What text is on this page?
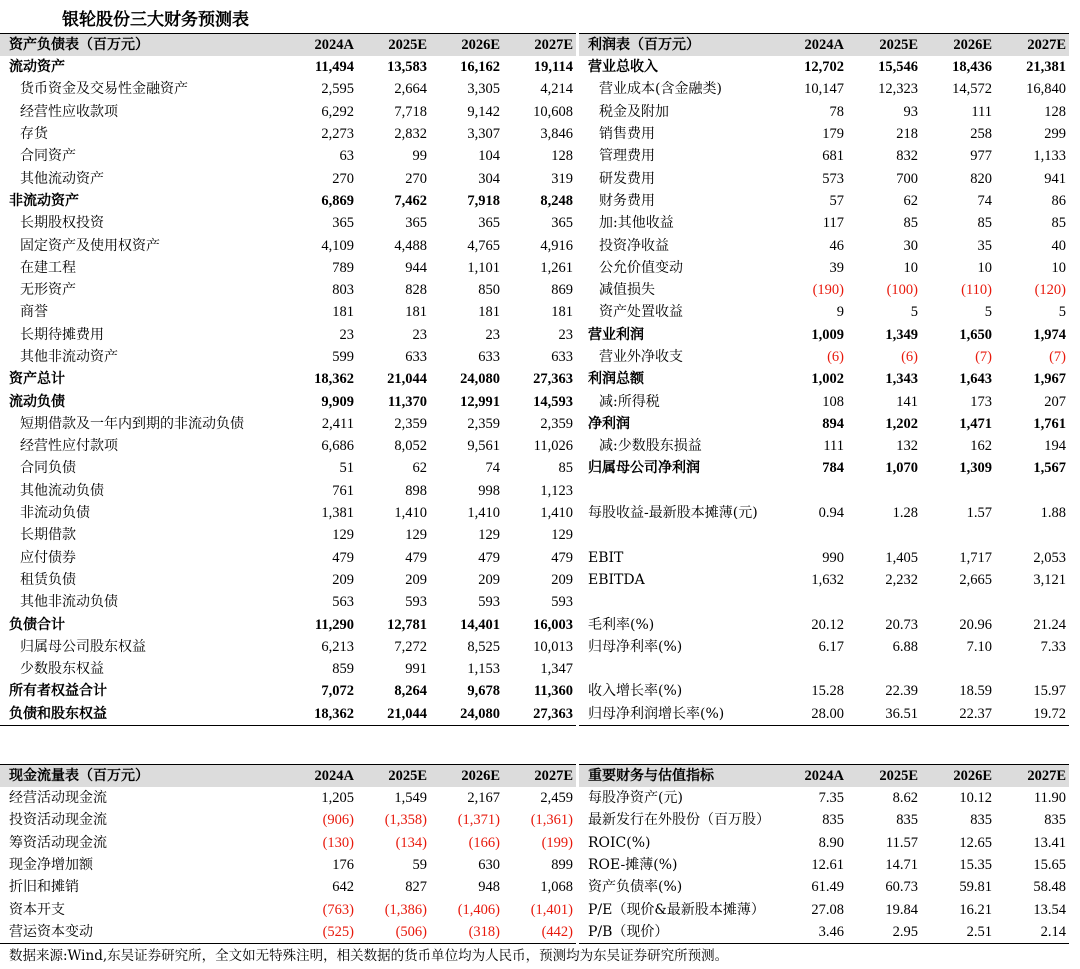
银轮股份三大财务预测表
资产负债表（百万元）	2024A	2025E	2026E	2027E
流动资产	11,494	13,583	16,162	19,114
货币资金及交易性金融资产	2,595	2,664	3,305	4,214
经营性应收款项	6,292	7,718	9,142	10,608
存货	2,273	2,832	3,307	3,846
合同资产	63	99	104	128
其他流动资产	270	270	304	319
非流动资产	6,869	7,462	7,918	8,248
长期股权投资	365	365	365	365
固定资产及使用权资产	4,109	4,488	4,765	4,916
在建工程	789	944	1,101	1,261
无形资产	803	828	850	869
商誉	181	181	181	181
长期待摊费用	23	23	23	23
其他非流动资产	599	633	633	633
资产总计	18,362	21,044	24,080	27,363
流动负债	9,909	11,370	12,991	14,593
短期借款及一年内到期的非流动负债	2,411	2,359	2,359	2,359
经营性应付款项	6,686	8,052	9,561	11,026
合同负债	51	62	74	85
其他流动负债	761	898	998	1,123
非流动负债	1,381	1,410	1,410	1,410
长期借款	129	129	129	129
应付债券	479	479	479	479
租赁负债	209	209	209	209
其他非流动负债	563	593	593	593
负债合计	11,290	12,781	14,401	16,003
归属母公司股东权益	6,213	7,272	8,525	10,013
少数股东权益	859	991	1,153	1,347
所有者权益合计	7,072	8,264	9,678	11,360
负债和股东权益	18,362	21,044	24,080	27,363
利润表（百万元）	2024A	2025E	2026E	2027E
营业总收入	12,702	15,546	18,436	21,381
营业成本(含金融类)	10,147	12,323	14,572	16,840
税金及附加	78	93	111	128
销售费用	179	218	258	299
管理费用	681	832	977	1,133
研发费用	573	700	820	941
财务费用	57	62	74	86
加:其他收益	117	85	85	85
投资净收益	46	30	35	40
公允价值变动	39	10	10	10
减值损失	(190)	(100)	(110)	(120)
资产处置收益	9	5	5	5
营业利润	1,009	1,349	1,650	1,974
营业外净收支	(6)	(6)	(7)	(7)
利润总额	1,002	1,343	1,643	1,967
减:所得税	108	141	173	207
净利润	894	1,202	1,471	1,761
减:少数股东损益	111	132	162	194
归属母公司净利润	784	1,070	1,309	1,567

每股收益-最新股本摊薄(元)	0.94	1.28	1.57	1.88

EBIT	990	1,405	1,717	2,053
EBITDA	1,632	2,232	2,665	3,121

毛利率(%)	20.12	20.73	20.96	21.24
归母净利率(%)	6.17	6.88	7.10	7.33

收入增长率(%)	15.28	22.39	18.59	15.97
归母净利润增长率(%)	28.00	36.51	22.37	19.72
现金流量表（百万元）	2024A	2025E	2026E	2027E
经营活动现金流	1,205	1,549	2,167	2,459
投资活动现金流	(906)	(1,358)	(1,371)	(1,361)
筹资活动现金流	(130)	(134)	(166)	(199)
现金净增加额	176	59	630	899
折旧和摊销	642	827	948	1,068
资本开支	(763)	(1,386)	(1,406)	(1,401)
营运资本变动	(525)	(506)	(318)	(442)
重要财务与估值指标	2024A	2025E	2026E	2027E
每股净资产(元)	7.35	8.62	10.12	11.90
最新发行在外股份（百万股）	835	835	835	835
ROIC(%)	8.90	11.57	12.65	13.41
ROE-摊薄(%)	12.61	14.71	15.35	15.65
资产负债率(%)	61.49	60.73	59.81	58.48
P/E（现价&最新股本摊薄）	27.08	19.84	16.21	13.54
P/B（现价）	3.46	2.95	2.51	2.14
数据来源:Wind,东吴证券研究所，全文如无特殊注明，相关数据的货币单位均为人民币，预测均为东吴证券研究所预测。
